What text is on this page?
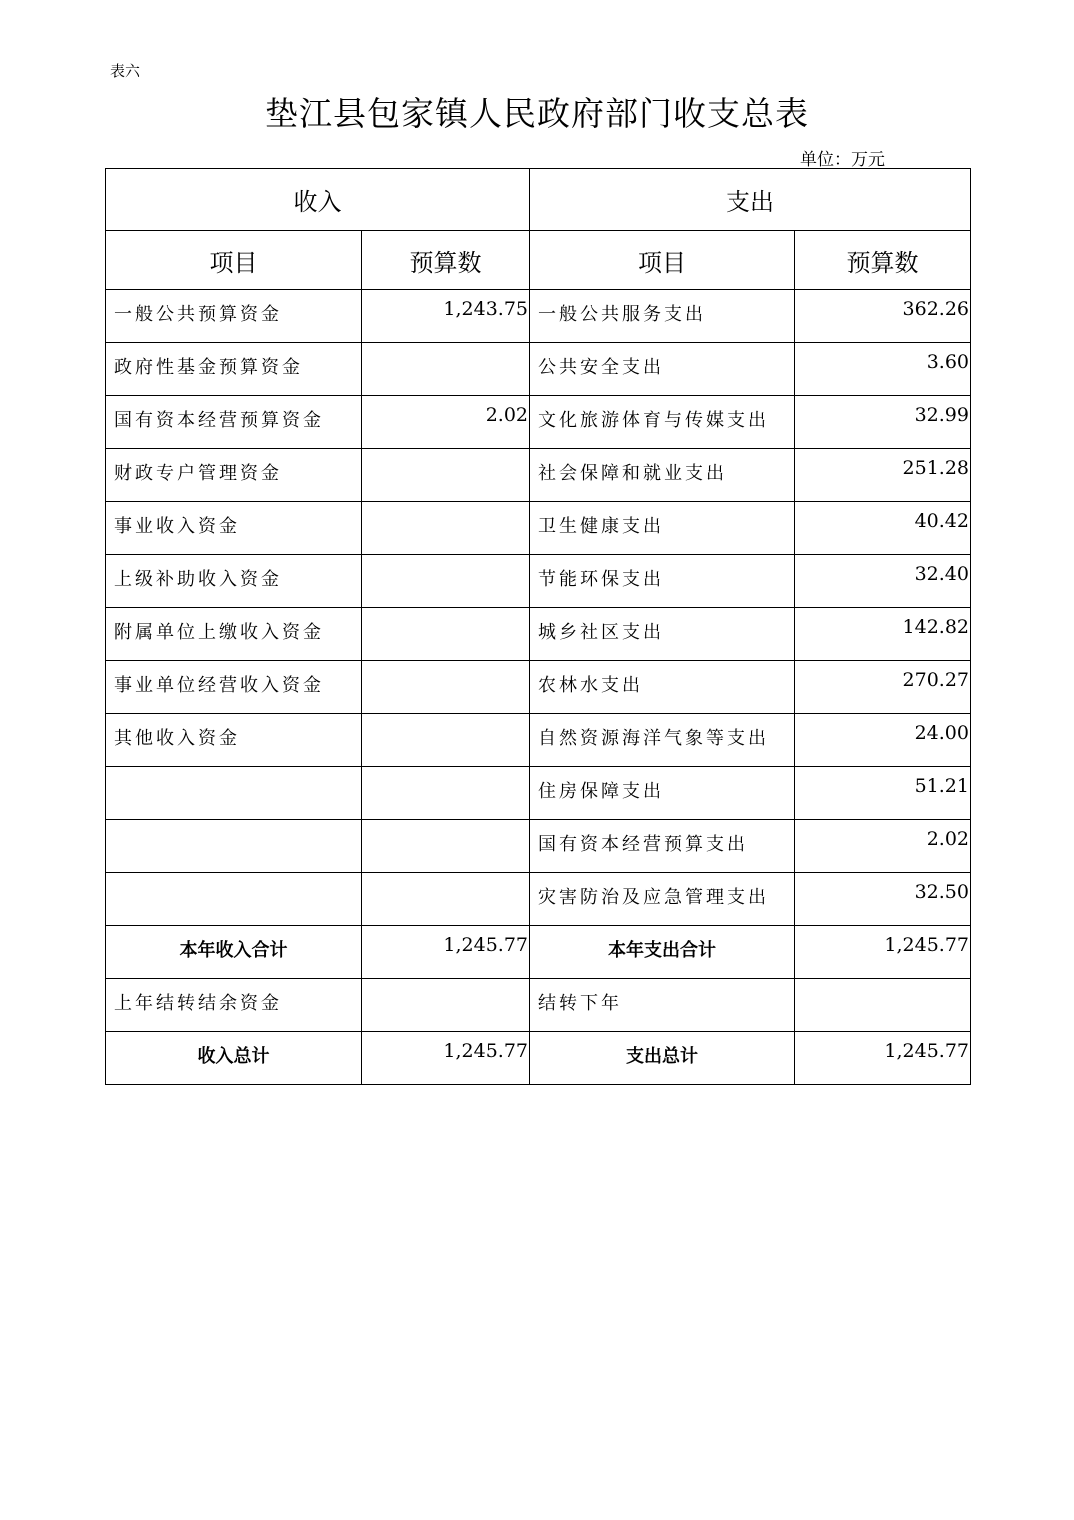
表六
垫江县包家镇人民政府部门收支总表
单位：万元
收入		支出	
项目	预算数	项目	预算数
一般公共预算资金	1,243.75	一般公共服务支出	362.26
政府性基金预算资金		公共安全支出	3.60
国有资本经营预算资金	2.02	文化旅游体育与传媒支出	32.99
财政专户管理资金		社会保障和就业支出	251.28
事业收入资金		卫生健康支出	40.42
上级补助收入资金		节能环保支出	32.40
附属单位上缴收入资金		城乡社区支出	142.82
事业单位经营收入资金		农林水支出	270.27
其他收入资金		自然资源海洋气象等支出	24.00
		住房保障支出	51.21
		国有资本经营预算支出	2.02
		灾害防治及应急管理支出	32.50
本年收入合计	1,245.77	本年支出合计	1,245.77
上年结转结余资金		结转下年	
收入总计	1,245.77	支出总计	1,245.77
